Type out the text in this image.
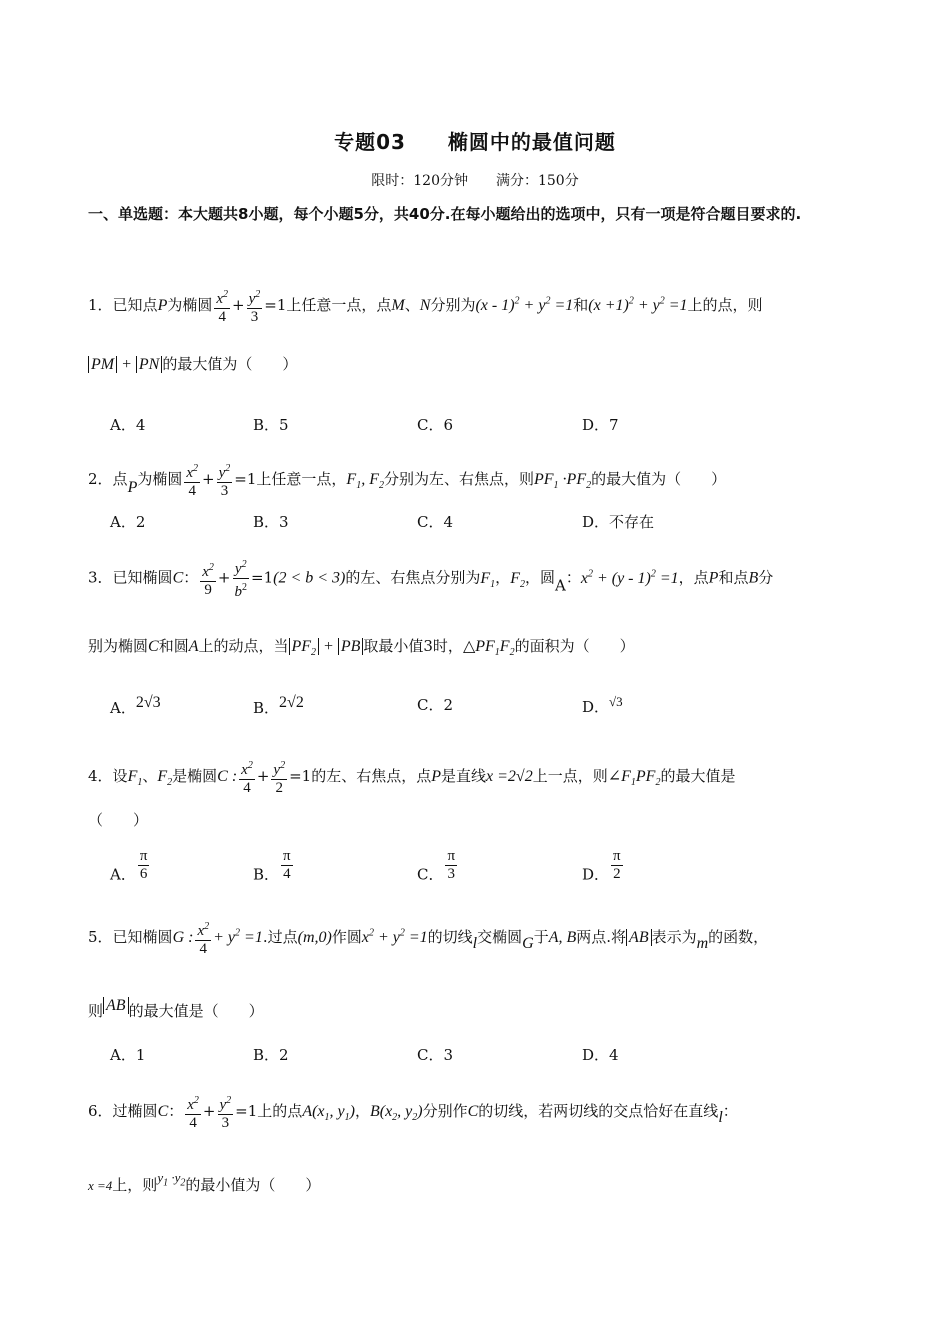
专题03　　椭圆中的最值问题
限时：120分钟　　满分：150分
一、单选题：本大题共8小题，每个小题5分，共40分.在每小题给出的选项中，只有一项是符合题目要求的.
1．已知点P为椭圆 $\frac{x^2}{4} + \frac{y^2}{3} =1$上任意一点，点M、N分别为$(x - 1)^2 + y^2 =1$和$(x +1)^2 + y^2 =1$上的点，则
PM + PN 的最大值为（　　）
A．4	B．5	C．6	D．7
2．点P为椭圆 $\frac{x^2}{4} + \frac{y^2}{3} =1$上任意一点，$F_1$, $F_2$分别为左、右焦点，则$PF_1 \cdot PF_2$的最大值为（　　）
A．2	B．3	C．4	D．不存在
3．已知椭圆C： $\frac{x^2}{9} + \frac{y^2}{b^2} =1(2 < b < 3)$的左、右焦点分别为$F_1$，$F_2$，圆A：$x^2 + (y - 1)^2 =1$，点P和点B分
别为椭圆C和圆A上的动点，当 $PF_2$ + PB 取最小值3时，$\triangle PF_1F_2$的面积为（　　）
A．2√3	B．2√2	C．2	D．√3
4．设$F_1$、$F_2$是椭圆C : $\frac{x^2}{4} + \frac{y^2}{2} =1$的左、右焦点，点P是直线x =2√2上一点，则$\angle F_1PF_2$的最大值是
（　　）
A． $\frac{\pi}{6}$	B． $\frac{\pi}{4}$	C． $\frac{\pi}{3}$	D． $\frac{\pi}{2}$
5．已知椭圆G : $\frac{x^2}{4} + y^2 =1$.过点(m,0)作圆$x^2 + y^2 =1$的切线l交椭圆G于A, B两点.将 AB 表示为m的函数，
则 AB 的最大值是（　　）
A．1	B．2	C．3	D．4
6．过椭圆C： $\frac{x^2}{4} + \frac{y^2}{3} =1$上的点$A(x_1$, $y_1$)，$B(x_2$, $y_2$)分别作C的切线，若两切线的交点恰好在直线l：
x =4上，则$y_1 \cdot y_2$的最小值为（　　）
